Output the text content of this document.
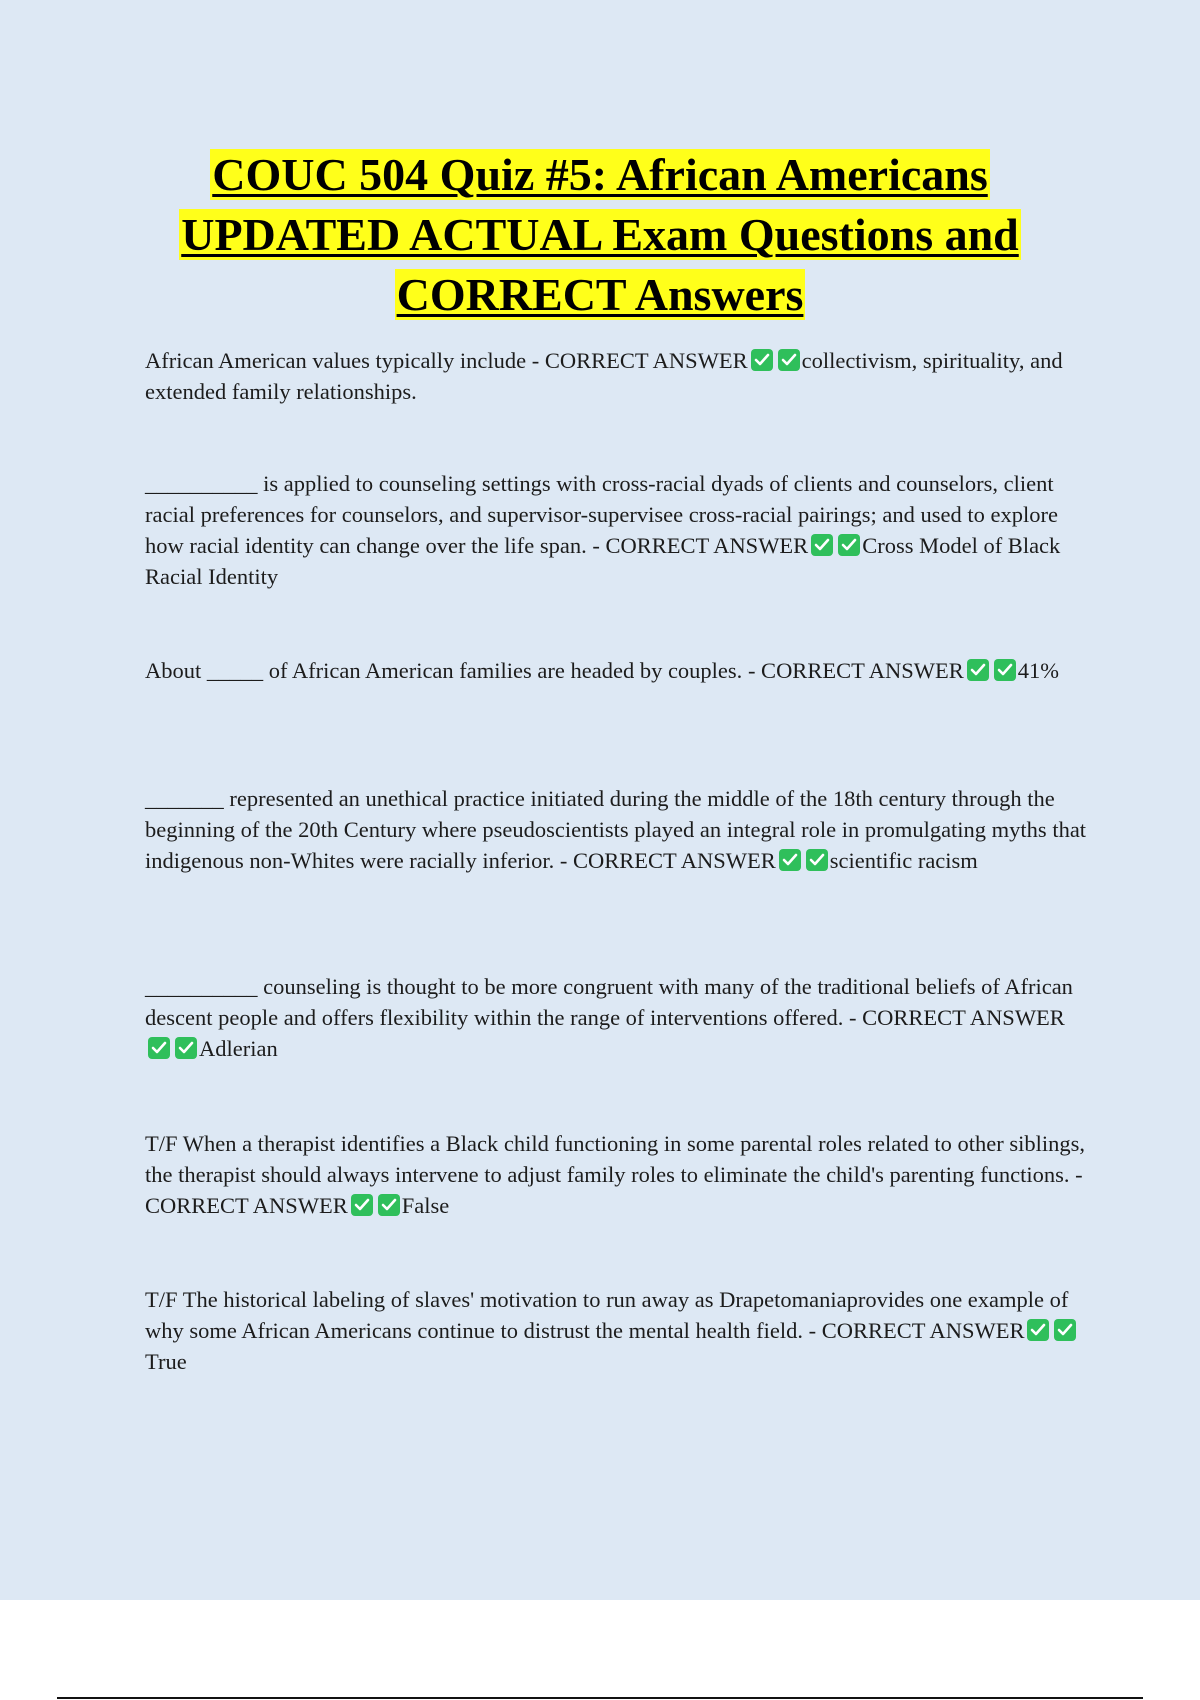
COUC 504 Quiz #5: African Americans
UPDATED ACTUAL Exam Questions and
CORRECT Answers
African American values typically include - CORRECT ANSWER collectivism, spirituality, and extended family relationships.
__________ is applied to counseling settings with cross-racial dyads of clients and counselors, client racial preferences for counselors, and supervisor-supervisee cross-racial pairings; and used to explore how racial identity can change over the life span. - CORRECT ANSWER Cross Model of Black Racial Identity
About _____ of African American families are headed by couples. - CORRECT ANSWER 41%
_______ represented an unethical practice initiated during the middle of the 18th century through the beginning of the 20th Century where pseudoscientists played an integral role in promulgating myths that indigenous non-Whites were racially inferior. - CORRECT ANSWER scientific racism
__________ counseling is thought to be more congruent with many of the traditional beliefs of African descent people and offers flexibility within the range of interventions offered. - CORRECT ANSWER
Adlerian
T/F When a therapist identifies a Black child functioning in some parental roles related to other siblings, the therapist should always intervene to adjust family roles to eliminate the child's parenting functions. - CORRECT ANSWER False
T/F The historical labeling of slaves' motivation to run away as Drapetomaniaprovides one example of why some African Americans continue to distrust the mental health field. - CORRECT ANSWER
True
